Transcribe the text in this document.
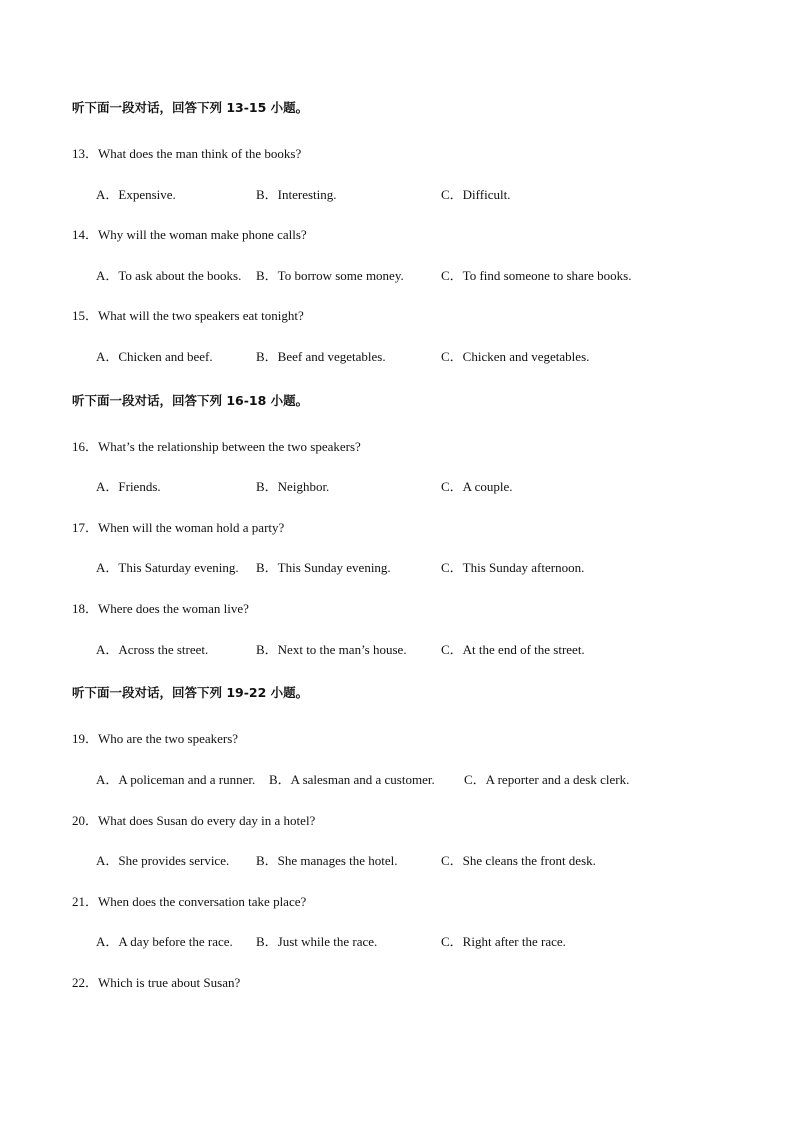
听下面一段对话，回答下列 13-15 小题。
13．What does the man think of the books?
A．Expensive.	B．Interesting.	C．Difficult.
14．Why will the woman make phone calls?
A．To ask about the books. B．To borrow some money.	C．To find someone to share books.
15．What will the two speakers eat tonight?
A．Chicken and beef.	B．Beef and vegetables.	C．Chicken and vegetables.
听下面一段对话，回答下列 16-18 小题。
16．What’s the relationship between the two speakers?
A．Friends.	B．Neighbor.	C．A couple.
17．When will the woman hold a party?
A．This Saturday evening. B．This Sunday evening.	C．This Sunday afternoon.
18．Where does the woman live?
A．Across the street.	B．Next to the man’s house.	C．At the end of the street.
听下面一段对话，回答下列 19-22 小题。
19．Who are the two speakers?
A．A policeman and a runner. B．A salesman and a customer. C．A reporter and a desk clerk.
20．What does Susan do every day in a hotel?
A．She provides service. B．She manages the hotel.	C．She cleans the front desk.
21．When does the conversation take place?
A．A day before the race. B．Just while the race.	C．Right after the race.
22．Which is true about Susan?
